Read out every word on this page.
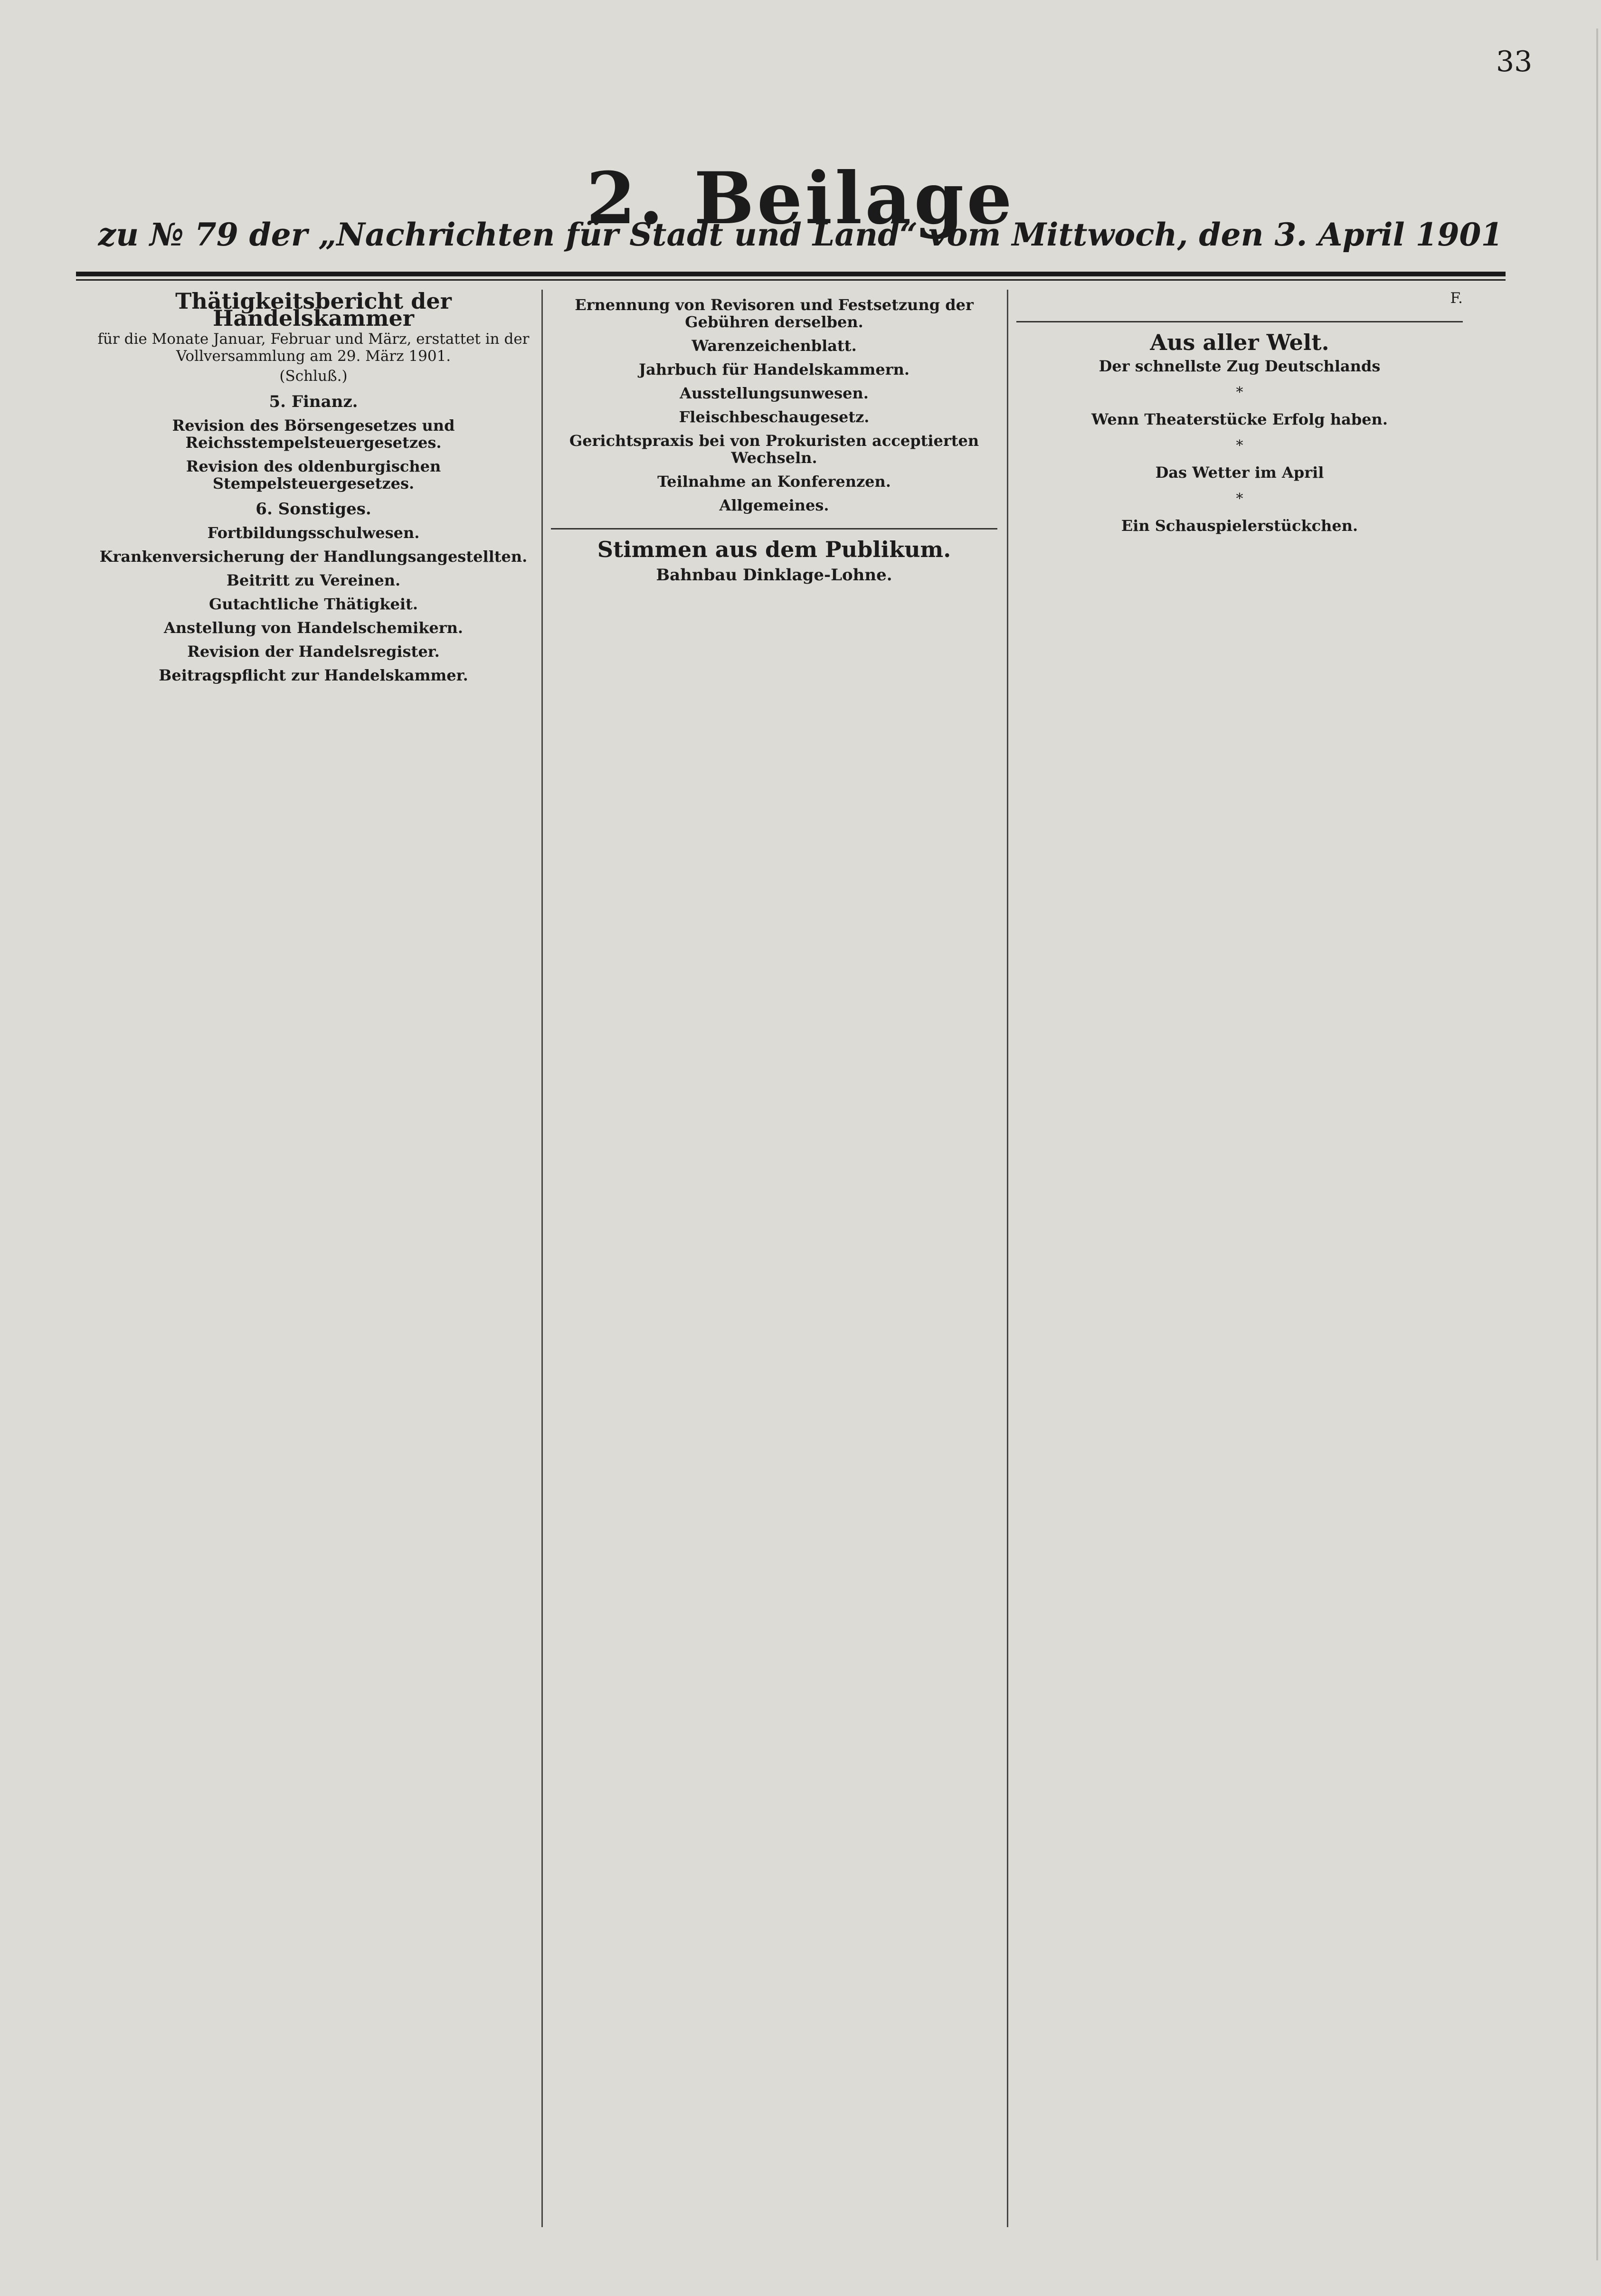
33
2. Beilage
zu № 79 der „Nachrichten für Stadt und Land“ vom Mittwoch, den 3. April 1901
Thätigkeitsbericht der Handelskammer

für die Monate Januar, Februar und März, erstattet in der Vollversammlung am 29. März 1901.

(Schluß.)

5. Finanz.
Revision des Börsengesetzes und Reichsstempelsteuergesetzes.
Revision des oldenburgischen Stempelsteuergesetzes.
6. Sonstiges.
Fortbildungsschulwesen.
Krankenversicherung der Handlungsangestellten.
Beitritt zu Vereinen.
Gutachtliche Thätigkeit.
Anstellung von Handelschemikern.
Revision der Handelsregister.
Beitragspflicht zur Handelskammer.
Ernennung von Revisoren und Festsetzung der Gebühren derselben.
Warenzeichenblatt.
Jahrbuch für Handelskammern.
Ausstellungsunwesen.
Fleischbeschaugesetz.
Gerichtspraxis bei von Prokuristen acceptierten Wechseln.
Teilnahme an Konferenzen.
Allgemeines.
Stimmen aus dem Publikum.
Bahnbau Dinklage-Lohne.

F.

Aus aller Welt.
Der schnellste Zug Deutschlands
*
Wenn Theaterstücke Erfolg haben.
*
Das Wetter im April
*
Ein Schauspielerstückchen.
